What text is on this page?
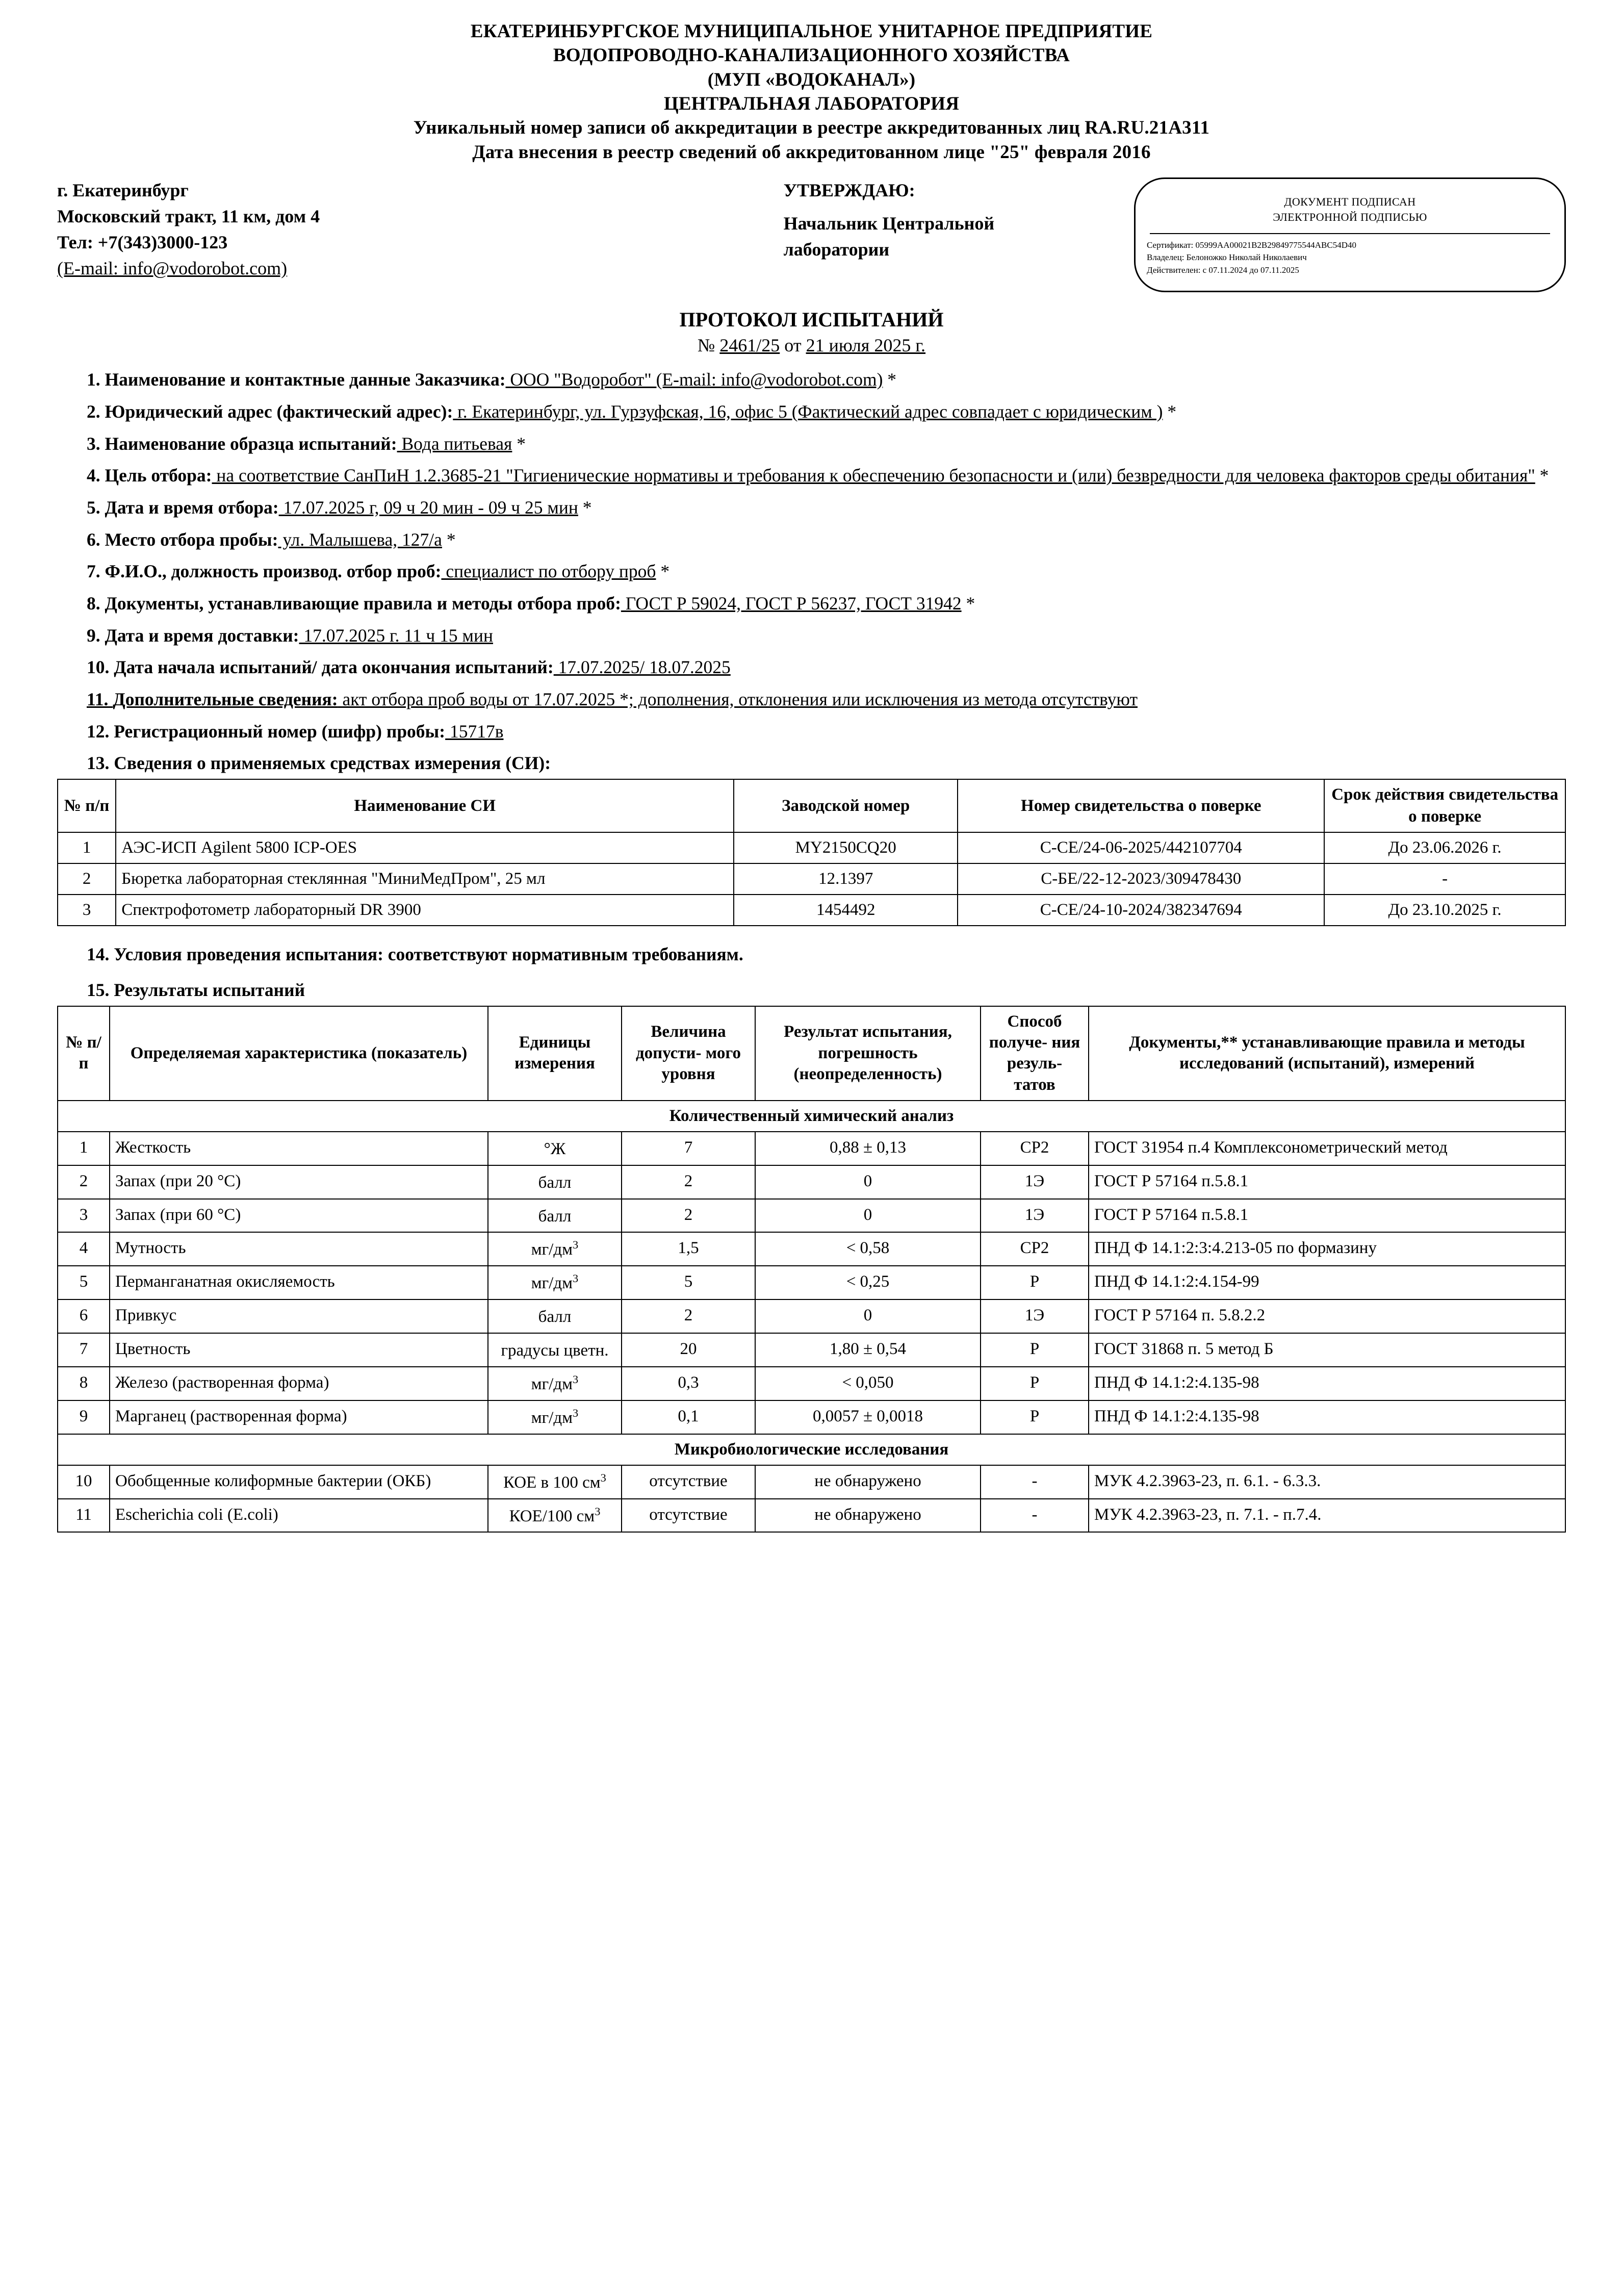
ЕКАТЕРИНБУРГСКОЕ МУНИЦИПАЛЬНОЕ УНИТАРНОЕ ПРЕДПРИЯТИЕ
ВОДОПРОВОДНО-КАНАЛИЗАЦИОННОГО ХОЗЯЙСТВА
(МУП «ВОДОКАНАЛ»)
ЦЕНТРАЛЬНАЯ ЛАБОРАТОРИЯ
Уникальный номер записи об аккредитации в реестре аккредитованных лиц RA.RU.21А311
Дата внесения в реестр сведений об аккредитованном лице "25" февраля 2016
г. Екатеринбург
Московский тракт, 11 км, дом 4
Тел: +7(343)3000-123
(E-mail: info@vodorobot.com)
УТВЕРЖДАЮ:
Начальник Центральной
лаборатории
ДОКУМЕНТ ПОДПИСАН
ЭЛЕКТРОННОЙ ПОДПИСЬЮ
Сертификат: 05999АА00021В2В29849775544АВС54D40
Владелец: Белоножко Николай Николаевич
Действителен: с 07.11.2024 до 07.11.2025
ПРОТОКОЛ ИСПЫТАНИЙ
№ 2461/25 от 21 июля 2025 г.
1. Наименование и контактные данные Заказчика: ООО "Водоробот" (E-mail: info@vodorobot.com) *
2. Юридический адрес (фактический адрес): г. Екатеринбург, ул. Гурзуфская, 16, офис 5 (Фактический адрес совпадает с юридическим ) *
3. Наименование образца испытаний: Вода питьевая *
4. Цель отбора: на соответствие СанПиН 1.2.3685-21 "Гигиенические нормативы и требования к обеспечению безопасности и (или) безвредности для человека факторов среды обитания" *
5. Дата и время отбора: 17.07.2025 г, 09 ч 20 мин - 09 ч 25 мин *
6. Место отбора пробы: ул. Малышева, 127/а *
7. Ф.И.О., должность производ. отбор проб: специалист по отбору проб *
8. Документы, устанавливающие правила и методы отбора проб: ГОСТ Р 59024, ГОСТ Р 56237, ГОСТ 31942 *
9. Дата и время доставки: 17.07.2025 г. 11 ч 15 мин
10. Дата начала испытаний/ дата окончания испытаний: 17.07.2025/ 18.07.2025
11. Дополнительные сведения: акт отбора проб воды от 17.07.2025 *; дополнения, отклонения или исключения из метода отсутствуют
12. Регистрационный номер (шифр) пробы: 15717в
13. Сведения о применяемых средствах измерения (СИ):
№ п/п	Наименование СИ	Заводской номер	Номер свидетельства о поверке	Срок действия свидетельства о поверке
1	АЭС-ИСП Agilent 5800 ICP-OES	MY2150CQ20	С-СЕ/24-06-2025/442107704	До 23.06.2026 г.
2	Бюретка лабораторная стеклянная "МиниМедПром", 25 мл	12.1397	С-БЕ/22-12-2023/309478430	-
3	Спектрофотометр лабораторный DR 3900	1454492	С-СЕ/24-10-2024/382347694	До 23.10.2025 г.
14. Условия проведения испытания: соответствуют нормативным требованиям.
15. Результаты испытаний
№ п/п	Определяемая характеристика (показатель)	Единицы измерения	Величина допусти- мого уровня	Результат испытания, погрешность (неопределенность)	Способ получе- ния резуль- татов	Документы,** устанавливающие правила и методы исследований (испытаний), измерений
Количественный химический анализ						
1	Жесткость	°Ж	7	0,88 ± 0,13	СР2	ГОСТ 31954 п.4 Комплексонометрический метод
2	Запах (при 20 °С)	балл	2	0	1Э	ГОСТ Р 57164 п.5.8.1
3	Запах (при 60 °С)	балл	2	0	1Э	ГОСТ Р 57164 п.5.8.1
4	Мутность	$мг/дм^3$	1,5	< 0,58	СР2	ПНД Ф 14.1:2:3:4.213-05 по формазину
5	Перманганатная окисляемость	$мг/дм^3$	5	< 0,25	Р	ПНД Ф 14.1:2:4.154-99
6	Привкус	балл	2	0	1Э	ГОСТ Р 57164 п. 5.8.2.2
7	Цветность	градусы цветн.	20	1,80 ± 0,54	Р	ГОСТ 31868 п. 5 метод Б
8	Железо (растворенная форма)	$мг/дм^3$	0,3	< 0,050	Р	ПНД Ф 14.1:2:4.135-98
9	Марганец (растворенная форма)	$мг/дм^3$	0,1	0,0057 ± 0,0018	Р	ПНД Ф 14.1:2:4.135-98
Микробиологические исследования						
10	Обобщенные колиформные бактерии (ОКБ)	КОЕ в 100 $см^3$	отсутствие	не обнаружено	-	МУК 4.2.3963-23, п. 6.1. - 6.3.3.
11	Escherichia coli (E.coli)	КОЕ/100 $см^3$	отсутствие	не обнаружено	-	МУК 4.2.3963-23, п. 7.1. - п.7.4.
